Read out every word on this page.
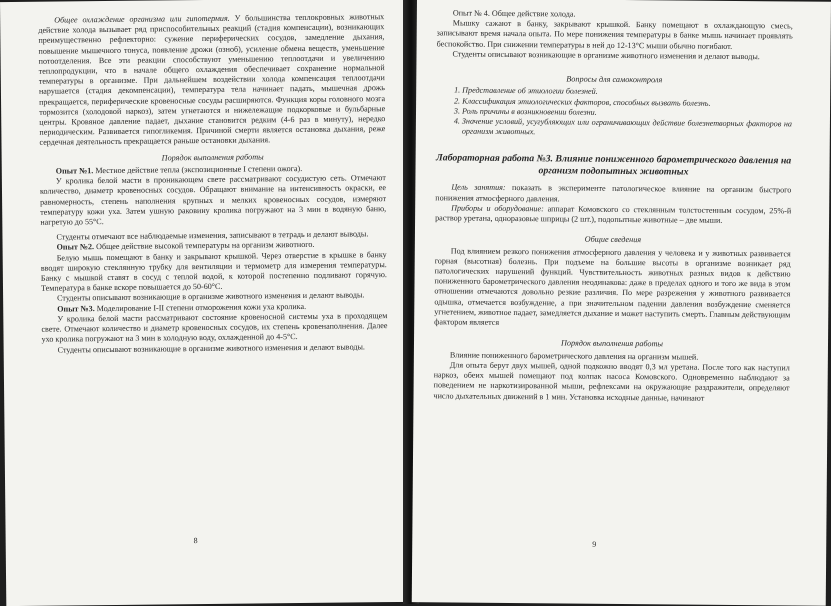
Общее охлаждение организма или гипотермия. У большинства теплокровных животных действие холода вызывает ряд приспособительных реакций (стадия компенсации), возникающих преимущественно рефлекторно: сужение периферических сосудов, замедление дыхания, повышение мышечного тонуса, появление дрожи (озноб), усиление обмена веществ, уменьшение потоотделения. Все эти реакции способствуют уменьшению теплоотдачи и увеличению теплопродукции, что в начале общего охлаждения обеспечивает сохранение нормальной температуры в организме. При дальнейшем воздействии холода компенсация теплоотдачи нарушается (стадия декомпенсации), температура тела начинает падать, мышечная дрожь прекращается, периферические кровеносные сосуды расширяются. Функция коры головного мозга тормозится (холодовой наркоз), затем угнетаются и нижележащие подкорковые и бульбарные центры. Кровяное давление падает, дыхание становится редким (4-6 раз в минуту), нередко периодическим. Развивается гипогликемия. Причиной смерти является остановка дыхания, реже сердечная деятельность прекращается раньше остановки дыхания.

Порядок выполнения работы

Опыт №1. Местное действие тепла (экспозиционные I степени ожога).

У кролика белой масти в проникающем свете рассматривают сосудистую сеть. Отмечают количество, диаметр кровеносных сосудов. Обращают внимание на интенсивность окраски, ее равномерность, степень наполнения крупных и мелких кровеносных сосудов, измеряют температуру кожи уха. Затем ушную раковину кролика погружают на 3 мин в водяную баню, нагретую до 55°С.

Студенты отмечают все наблюдаемые изменения, записывают в тетрадь и делают выводы.

Опыт №2. Общее действие высокой температуры на организм животного.

Белую мышь помещают в банку и закрывают крышкой. Через отверстие в крышке в банку вводят широкую стеклянную трубку для вентиляции и термометр для измерения температуры. Банку с мышкой ставят в сосуд с теплой водой, к которой постепенно подливают горячую. Температура в банке вскоре повышается до 50-60°С.

Студенты описывают возникающие в организме животного изменения и делают выводы.

Опыт №3. Моделирование I-II степени отморожения кожи уха кролика.

У кролика белой масти рассматривают состояние кровеносной системы уха в проходящем свете. Отмечают количество и диаметр кровеносных сосудов, их степень кровенаполнения. Далее ухо кролика погружают на 3 мин в холодную воду, охлажденной до 4-5°С.

Студенты описывают возникающие в организме животного изменения и делают выводы.

8

Опыт № 4. Общее действие холода.

Мышку сажают в банку, закрывают крышкой. Банку помещают в охлаждающую смесь, записывают время начала опыта. По мере понижения температуры в банке мышь начинает проявлять беспокойство. При снижении температуры в ней до 12-13°С мыши обычно погибают.

Студенты описывают возникающие в организме животного изменения и делают выводы.

Вопросы для самоконтроля
1. Представление об этиологии болезней.
2. Классификация этиологических факторов, способных вызвать болезнь.
3. Роль причины в возникновении болезни.
4. Значение условий, усугубляющих или ограничивающих действие болезнетворных факторов на организм животных.
Лабораторная работа №3. Влияние пониженного барометрического давления на организм подопытных животных

Цель занятия: показать в эксперименте патологическое влияние на организм быстрого понижения атмосферного давления.

Приборы и оборудование: аппарат Комовского со стеклянным толстостенным сосудом, 25%-й раствор уретана, одноразовые шприцы (2 шт.), подопытные животные – две мыши.

Общие сведения

Под влиянием резкого понижения атмосферного давления у человека и у животных развивается горная (высотная) болезнь. При подъеме на большие высоты в организме возникает ряд патологических нарушений функций. Чувствительность животных разных видов к действию пониженного барометрического давления неодинакова: даже в пределах одного и того же вида в этом отношении отмечаются довольно резкие различия. По мере разрежения у животного развивается одышка, отмечается возбуждение, а при значительном падении давления возбуждение сменяется угнетением, животное падает, замедляется дыхание и может наступить смерть. Главным действующим фактором является

Порядок выполнения работы

Влияние пониженного барометрического давления на организм мышей.

Для опыта берут двух мышей, одной подкожно вводят 0,3 мл уретана. После того как наступил наркоз, обеих мышей помещают под колпак насоса Комовского. Одновременно наблюдают за поведением не наркотизированной мыши, рефлексами на окружающие раздражители, определяют число дыхательных движений в 1 мин. Установка исходные данные, начинают

9
